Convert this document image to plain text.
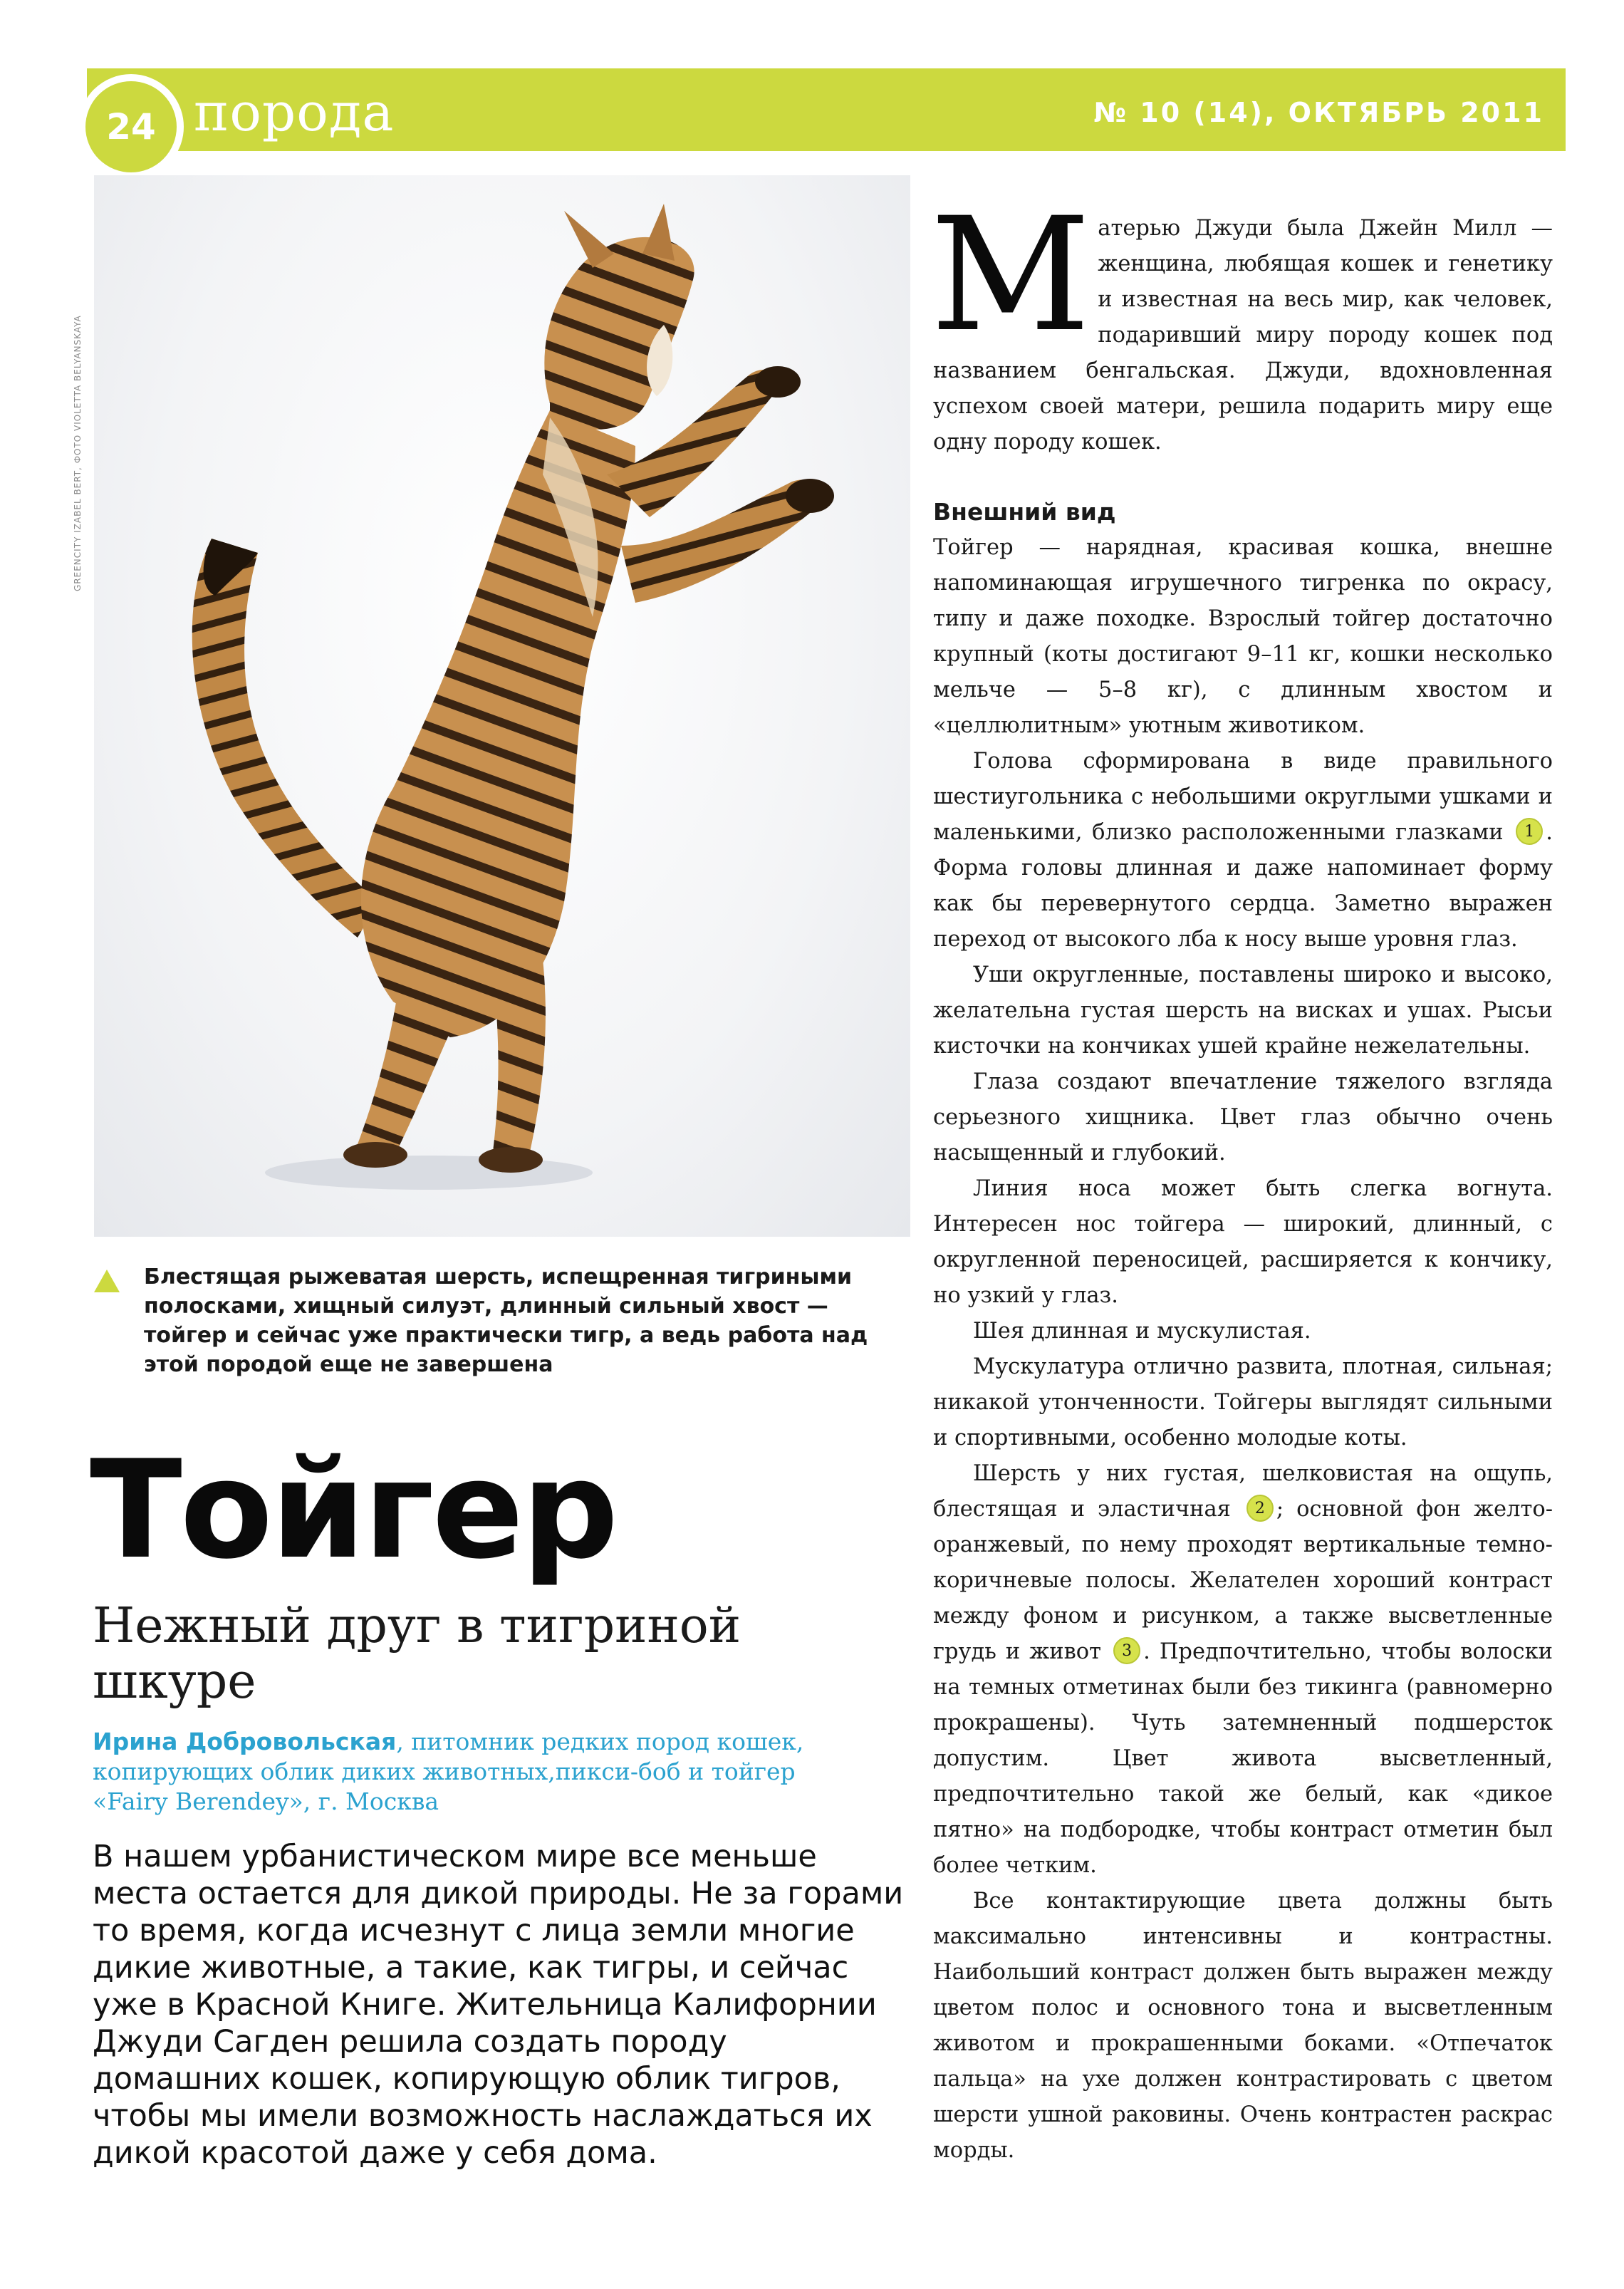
24 порода	№ 10 (14), ОКТЯБРЬ 2011
GREENCITY IZABEL BERT, ФОТО VIOLETTA BELYANSKAYA
Блестящая рыжеватая шерсть, испещренная тигриными полосками, хищный силуэт, длинный сильный хвост — тойгер и сейчас уже практически тигр, а ведь работа над этой породой еще не завершена
Тойгер
Нежный друг в тигриной шкуре
Ирина Добровольская, питомник редких пород кошек, копирующих облик диких животных,пикси-боб и тойгер «Fairy Berendey», г. Москва
В нашем урбанистическом мире все меньше места остается для дикой природы. Не за горами то время, когда исчезнут с лица земли многие дикие животные, а такие, как тигры, и сейчас уже в Красной Книге. Жительница Калифорнии Джуди Сагден решила создать породу домашних кошек, копирующую облик тигров, чтобы мы имели возможность наслаждаться их дикой красотой даже у себя дома.

Матерью Джуди была Джейн Милл — женщина, любящая кошек и генетику и известная на весь мир, как человек, подаривший миру породу кошек под названием бенгальская. Джуди, вдохновленная успехом своей матери, решила подарить миру еще одну породу кошек.

Внешний вид

Тойгер — нарядная, красивая кошка, внешне напоминающая игрушечного тигренка по окрасу, типу и даже походке. Взрослый тойгер достаточно крупный (коты достигают 9–11 кг, кошки несколько мельче — 5–8 кг), с длинным хвостом и «целлюлитным» уютным животиком.

Голова сформирована в виде правильного шестиугольника с небольшими округлыми ушками и маленькими, близко расположенными глазками 1 . Форма головы длинная и даже напоминает форму как бы перевернутого сердца. Заметно выражен переход от высокого лба к носу выше уровня глаз.

Уши округленные, поставлены широко и высоко, желательна густая шерсть на висках и ушах. Рысьи кисточки на кончиках ушей крайне нежелательны.

Глаза создают впечатление тяжелого взгляда серьезного хищника. Цвет глаз обычно очень насыщенный и глубокий.

Линия носа может быть слегка вогнута. Интересен нос тойгера — широкий, длинный, с округленной переносицей, расширяется к кончику, но узкий у глаз.

Шея длинная и мускулистая.

Мускулатура отлично развита, плотная, сильная; никакой утонченности. Тойгеры выглядят сильными и спортивными, особенно молодые коты.

Шерсть у них густая, шелковистая на ощупь, блестящая и эластичная 2 ; основной фон желто-оранжевый, по нему проходят вертикальные темно-коричневые полосы. Желателен хороший контраст между фоном и рисунком, а также высветленные грудь и живот 3 . Предпочтительно, чтобы волоски на темных отметинах были без тикинга (равномерно прокрашены). Чуть затемненный подшерсток допустим. Цвет живота высветленный, предпочтительно такой же белый, как «дикое пятно» на подбородке, чтобы контраст отметин был более четким.

Все контактирующие цвета должны быть максимально интенсивны и контрастны. Наибольший контраст должен быть выражен между цветом полос и основного тона и высветленным животом и прокрашенными боками. «Отпечаток пальца» на ухе должен контрастировать с цветом шерсти ушной раковины. Очень контрастен раскрас морды.
